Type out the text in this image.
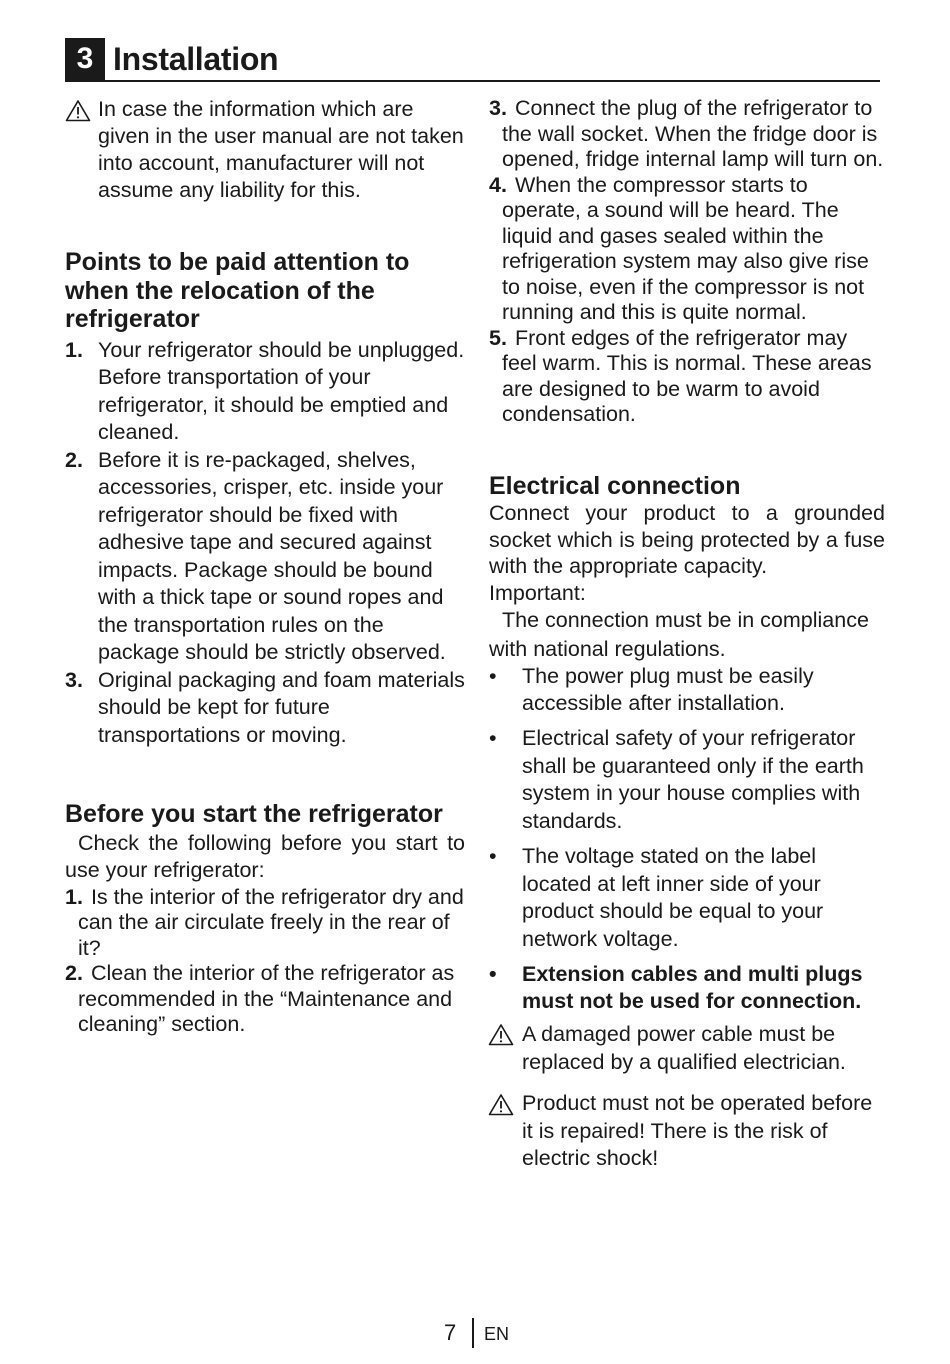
3 Installation
In case the information which are given in the user manual are not taken into account, manufacturer will not assume any liability for this.
Points to be paid attention to when the relocation of the refrigerator
1. Your refrigerator should be unplugged. Before transportation of your refrigerator, it should be emptied and cleaned.
2. Before it is re-packaged, shelves, accessories, crisper, etc. inside your refrigerator should be fixed with adhesive tape and secured against impacts. Package should be bound with a thick tape or sound ropes and the transportation rules on the package should be strictly observed.
3. Original packaging and foam materials should be kept for future transportations or moving.
Before you start the refrigerator
Check the following before you start to use your refrigerator:
1. Is the interior of the refrigerator dry and can the air circulate freely in the rear of it?
2. Clean the interior of the refrigerator as recommended in the “Maintenance and cleaning” section.
3. Connect the plug of the refrigerator to the wall socket. When the fridge door is opened, fridge internal lamp will turn on.
4. When the compressor starts to operate, a sound will be heard. The liquid and gases sealed within the refrigeration system may also give rise to noise, even if the compressor is not running and this is quite normal.
5. Front edges of the refrigerator may feel warm. This is normal. These areas are designed to be warm to avoid condensation.
Electrical connection
Connect your product to a grounded socket which is being protected by a fuse with the appropriate capacity.
Important:
The connection must be in compliance with national regulations.
• The power plug must be easily accessible after installation.
• Electrical safety of your refrigerator shall be guaranteed only if the earth system in your house complies with standards.
• The voltage stated on the label located at left inner side of your product should be equal to your network voltage.
• Extension cables and multi plugs must not be used for connection.
A damaged power cable must be replaced by a qualified electrician.
Product must not be operated before it is repaired! There is the risk of electric shock!
7 EN
